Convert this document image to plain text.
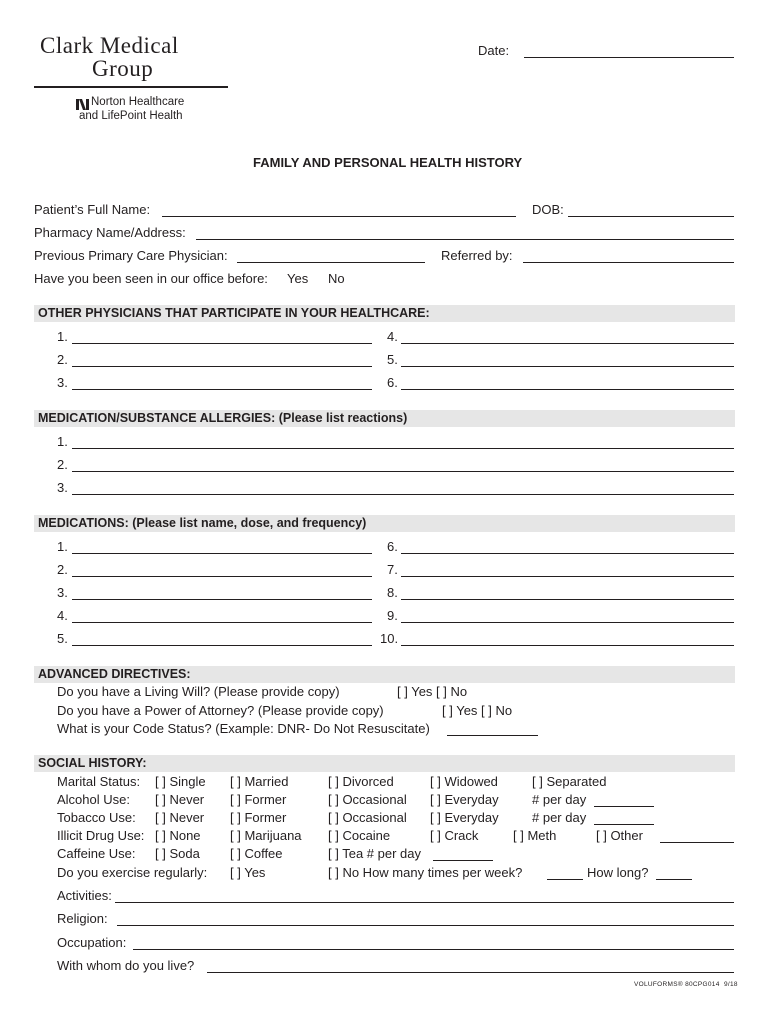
Clark Medical
Group
Norton Healthcare
and LifePoint Health
Date:
FAMILY AND PERSONAL HEALTH HISTORY
Patient’s Full Name:	DOB:
Pharmacy Name/Address:
Previous Primary Care Physician:	Referred by:
Have you been seen in our office before: Yes No
OTHER PHYSICIANS THAT PARTICIPATE IN YOUR HEALTHCARE:
1.
2.
3.
4.
5.
6.
MEDICATION/SUBSTANCE ALLERGIES: (Please list reactions)
1.
2.
3.
MEDICATIONS: (Please list name, dose, and frequency)
1.
2.
3.
4.
5.
6.
7.
8.
9.
10.
ADVANCED DIRECTIVES:
Do you have a Living Will? (Please provide copy)	[ ] Yes [ ] No
Do you have a Power of Attorney? (Please provide copy)	[ ] Yes [ ] No
What is your Code Status? (Example: DNR- Do Not Resuscitate)
SOCIAL HISTORY:
Marital Status: [ ] Single [ ] Married	[ ] Divorced	[ ] Widowed	[ ] Separated
Alcohol Use: [ ] Never [ ] Former	[ ] Occasional [ ] Everyday	# per day
Tobacco Use: [ ] Never [ ] Former	[ ] Occasional [ ] Everyday	# per day
Illicit Drug Use: [ ] None [ ] Marijuana [ ] Cocaine	[ ] Crack	[ ] Meth	[ ] Other
Caffeine Use: [ ] Soda [ ] Coffee	[ ] Tea # per day
Do you exercise regularly: [ ] Yes	[ ] No How many times per week?	How long?
Activities:
Religion:
Occupation:
With whom do you live?
VOLUFORMS® 80CPG014 9/18
